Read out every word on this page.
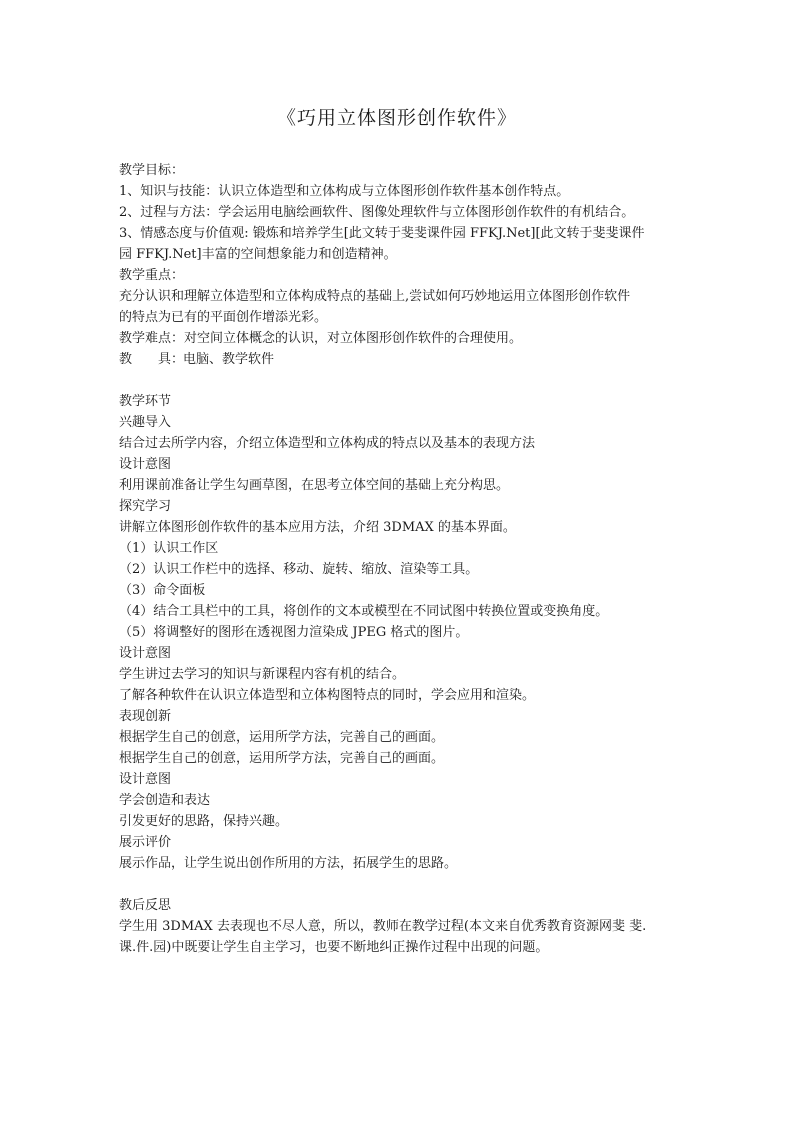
《巧用立体图形创作软件》
教学目标：
1、知识与技能：认识立体造型和立体构成与立体图形创作软件基本创作特点。
2、过程与方法：学会运用电脑绘画软件、图像处理软件与立体图形创作软件的有机结合。
3、情感态度与价值观: 锻炼和培养学生[此文转于斐斐课件园 FFKJ.Net][此文转于斐斐课件
园 FFKJ.Net]丰富的空间想象能力和创造精神。
教学重点：
充分认识和理解立体造型和立体构成特点的基础上,尝试如何巧妙地运用立体图形创作软件
的特点为已有的平面创作增添光彩。
教学难点：对空间立体概念的认识，对立体图形创作软件的合理使用。
教　　具：电脑、教学软件
教学环节
兴趣导入
结合过去所学内容，介绍立体造型和立体构成的特点以及基本的表现方法
设计意图
利用课前准备让学生勾画草图，在思考立体空间的基础上充分构思。
探究学习
讲解立体图形创作软件的基本应用方法，介绍 3DMAX 的基本界面。
（1）认识工作区
（2）认识工作栏中的选择、移动、旋转、缩放、渲染等工具。
（3）命令面板
（4）结合工具栏中的工具，将创作的文本或模型在不同试图中转换位置或变换角度。
（5）将调整好的图形在透视图力渲染成 JPEG 格式的图片。
设计意图
学生讲过去学习的知识与新课程内容有机的结合。
了解各种软件在认识立体造型和立体构图特点的同时，学会应用和渲染。
表现创新
根据学生自己的创意，运用所学方法，完善自己的画面。
根据学生自己的创意，运用所学方法，完善自己的画面。
设计意图
学会创造和表达
引发更好的思路，保持兴趣。
展示评价
展示作品，让学生说出创作所用的方法，拓展学生的思路。
教后反思
学生用 3DMAX 去表现也不尽人意，所以，教师在教学过程(本文来自优秀教育资源网斐 斐.
课.件.园)中既要让学生自主学习，也要不断地纠正操作过程中出现的问题。
